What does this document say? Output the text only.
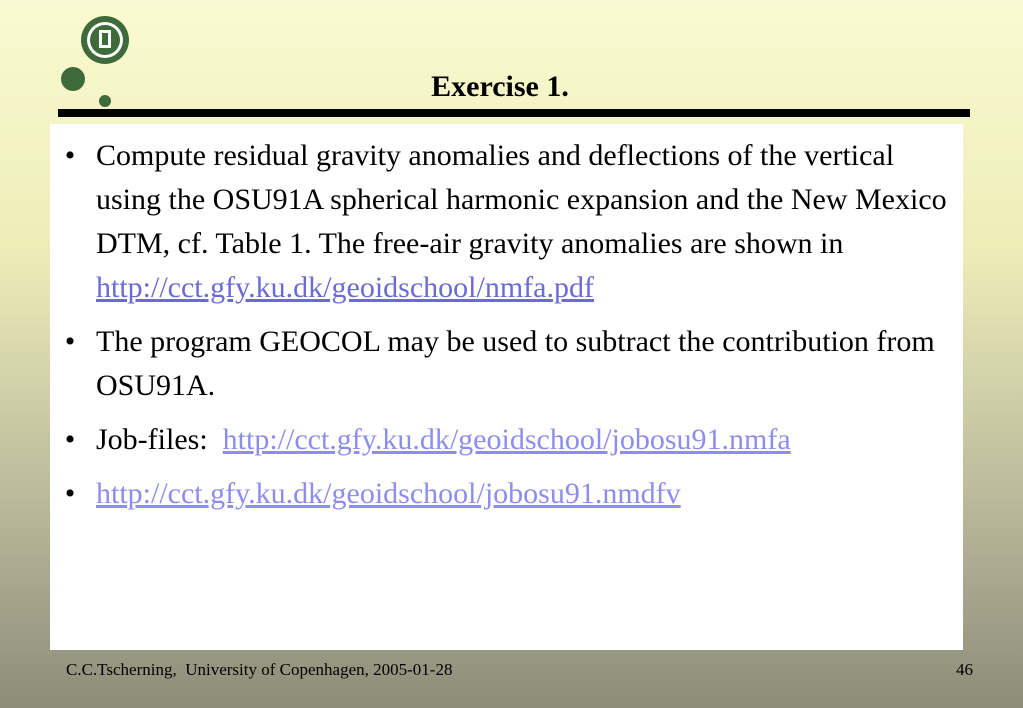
Exercise 1.
• Compute residual gravity anomalies and deflections of the vertical using the OSU91A spherical harmonic expansion and the New Mexico DTM, cf. Table 1. The free-air gravity anomalies are shown in
http://cct.gfy.ku.dk/geoidschool/nmfa.pdf
• The program GEOCOL may be used to subtract the contribution from OSU91A.
• Job-files: http://cct.gfy.ku.dk/geoidschool/jobosu91.nmfa
• http://cct.gfy.ku.dk/geoidschool/jobosu91.nmdfv
C.C.Tscherning,  University of Copenhagen, 2005-01-28	46
